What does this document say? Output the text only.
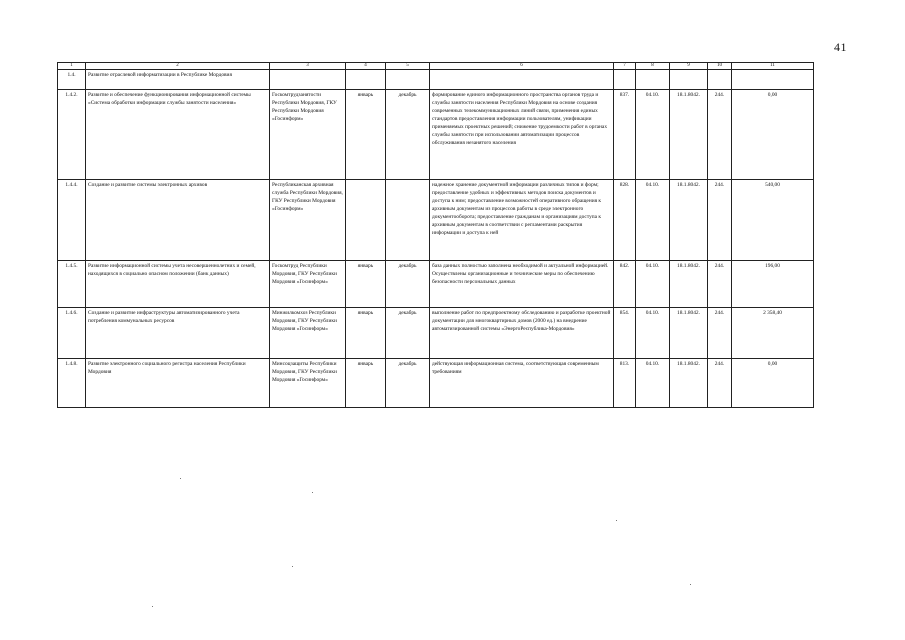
41
1	2	3	4	5	6	7	8	9	10	11
1.4.	Развитие отраслевой информатизации в Республике Мордовия									
1.4.2.	Развитие и обеспечение функционирования информационной системы «Система обработки информации службы занятости населения»	Госкомтрудзанятости Республики Мордовия, ГКУ Республики Мордовия «Госинформ»	январь	декабрь	формирование единого информационного пространства органов труда и службы занятости населения Республики Мордовия на основе создания современных телекоммуникационных линий связи, применения единых стандартов предоставления информации пользователям, унификации применяемых проектных решений; снижение трудоемкости работ в органах службы занятости при использовании автоматизации процессов обслуживания незанятого населения	837.	04.10.	18.1.8042.	244.	0,00
1.4.4.	Создание и развитие системы электронных архивов	Республиканская архивная служба Республики Мордовия, ГКУ Республики Мордовия «Госинформ»			надежное хранение документной информации различных типов и форм; предоставление удобных и эффективных методов поиска документов и доступа к ним; предоставление возможностей оперативного обращения к архивным документам из процессов работы в среде электронного документооборота; предоставление гражданам и организациям доступа к архивным документам в соответствии с регламентами раскрытия информации и доступа к ней	828.	04.10.	18.1.8042.	244.	540,00
1.4.5.	Развитие информационной системы учета несовершеннолетних и семей, находящихся в социально опасном положении (банк данных)	Госкомтруд Республики Мордовия, ГКУ Республики Мордовия «Госинформ»	январь	декабрь	база данных полностью заполнена необходимой и актуальной информацией. Осуществлены организационные и технические меры по обеспечению безопасности персональных данных	842.	04.10.	18.1.8042.	244.	196,00
1.4.6.	Создание и развитие инфраструктуры автоматизированного учета потребления коммунальных ресурсов	Минжилкомхоз Республики Мордовия, ГКУ Республики Мордовия «Госинформ»	январь	декабрь	выполнение работ по предпроектному обследованию и разработке проектной документации для многоквартирных домов (2000 ед.) на внедрение автоматизированной системы «ЭнергоРеспублика-Мордовия»	854.	04.10.	18.1.8042.	244.	2 358,40
1.4.8.	Развитие электронного социального регистра населения Республики Мордовия	Минсоцзащиты Республики Мордовия, ГКУ Республики Мордовия «Госинформ»	январь	декабрь	действующая информационная система, соответствующая современным требованиям	813.	04.10.	18.1.8042.	244.	0,00
